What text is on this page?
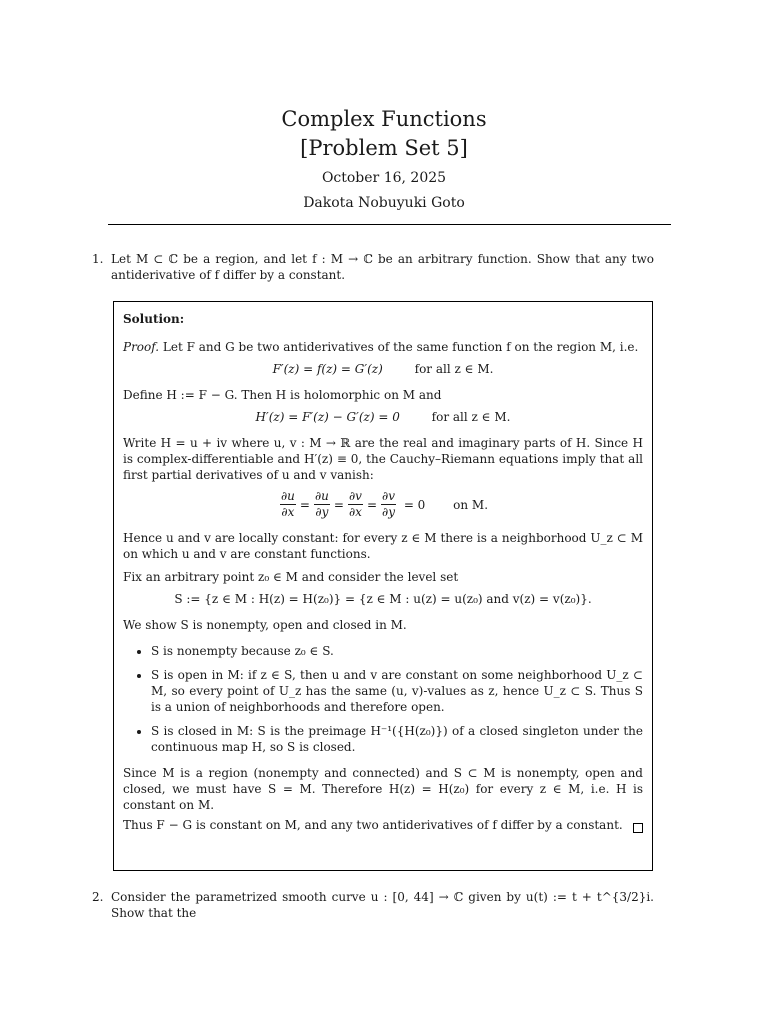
Complex Functions
[Problem Set 5]
October 16, 2025
Dakota Nobuyuki Goto
1. Let M ⊂ ℂ be a region, and let f : M → ℂ be an arbitrary function. Show that any two antiderivative of f differ by a constant.
Solution:

Proof. Let F and G be two antiderivatives of the same function f on the region M, i.e.

F′(z) = f(z) = G′(z)	for all z ∈ M.

Define H := F − G. Then H is holomorphic on M and

H′(z) = F′(z) − G′(z) = 0	for all z ∈ M.

Write H = u + iv where u, v : M → ℝ are the real and imaginary parts of H. Since H is complex-differentiable and H′(z) ≡ 0, the Cauchy–Riemann equations imply that all first partial derivatives of u and v vanish:

$\frac{\partial u}{\partial x} = \frac{\partial u}{\partial y} = \frac{\partial v}{\partial x} = \frac{\partial v}{\partial y} = 0$ on M.

Hence u and v are locally constant: for every z ∈ M there is a neighborhood U_z ⊂ M on which u and v are constant functions.

Fix an arbitrary point z₀ ∈ M and consider the level set

S := {z ∈ M : H(z) = H(z₀)} = {z ∈ M : u(z) = u(z₀) and v(z) = v(z₀)}.

We show S is nonempty, open and closed in M.

• S is nonempty because z₀ ∈ S.
• S is open in M: if z ∈ S, then u and v are constant on some neighborhood U_z ⊂ M, so every point of U_z has the same (u, v)-values as z, hence U_z ⊂ S. Thus S is a union of neighborhoods and therefore open.
• S is closed in M: S is the preimage H⁻¹({H(z₀)}) of a closed singleton under the continuous map H, so S is closed.

Since M is a region (nonempty and connected) and S ⊂ M is nonempty, open and closed, we must have S = M. Therefore H(z) = H(z₀) for every z ∈ M, i.e. H is constant on M.

Thus F − G is constant on M, and any two antiderivatives of f differ by a constant.

2. Consider the parametrized smooth curve u : [0, 44] → ℂ given by u(t) := t + t^{3/2}i. Show that the
